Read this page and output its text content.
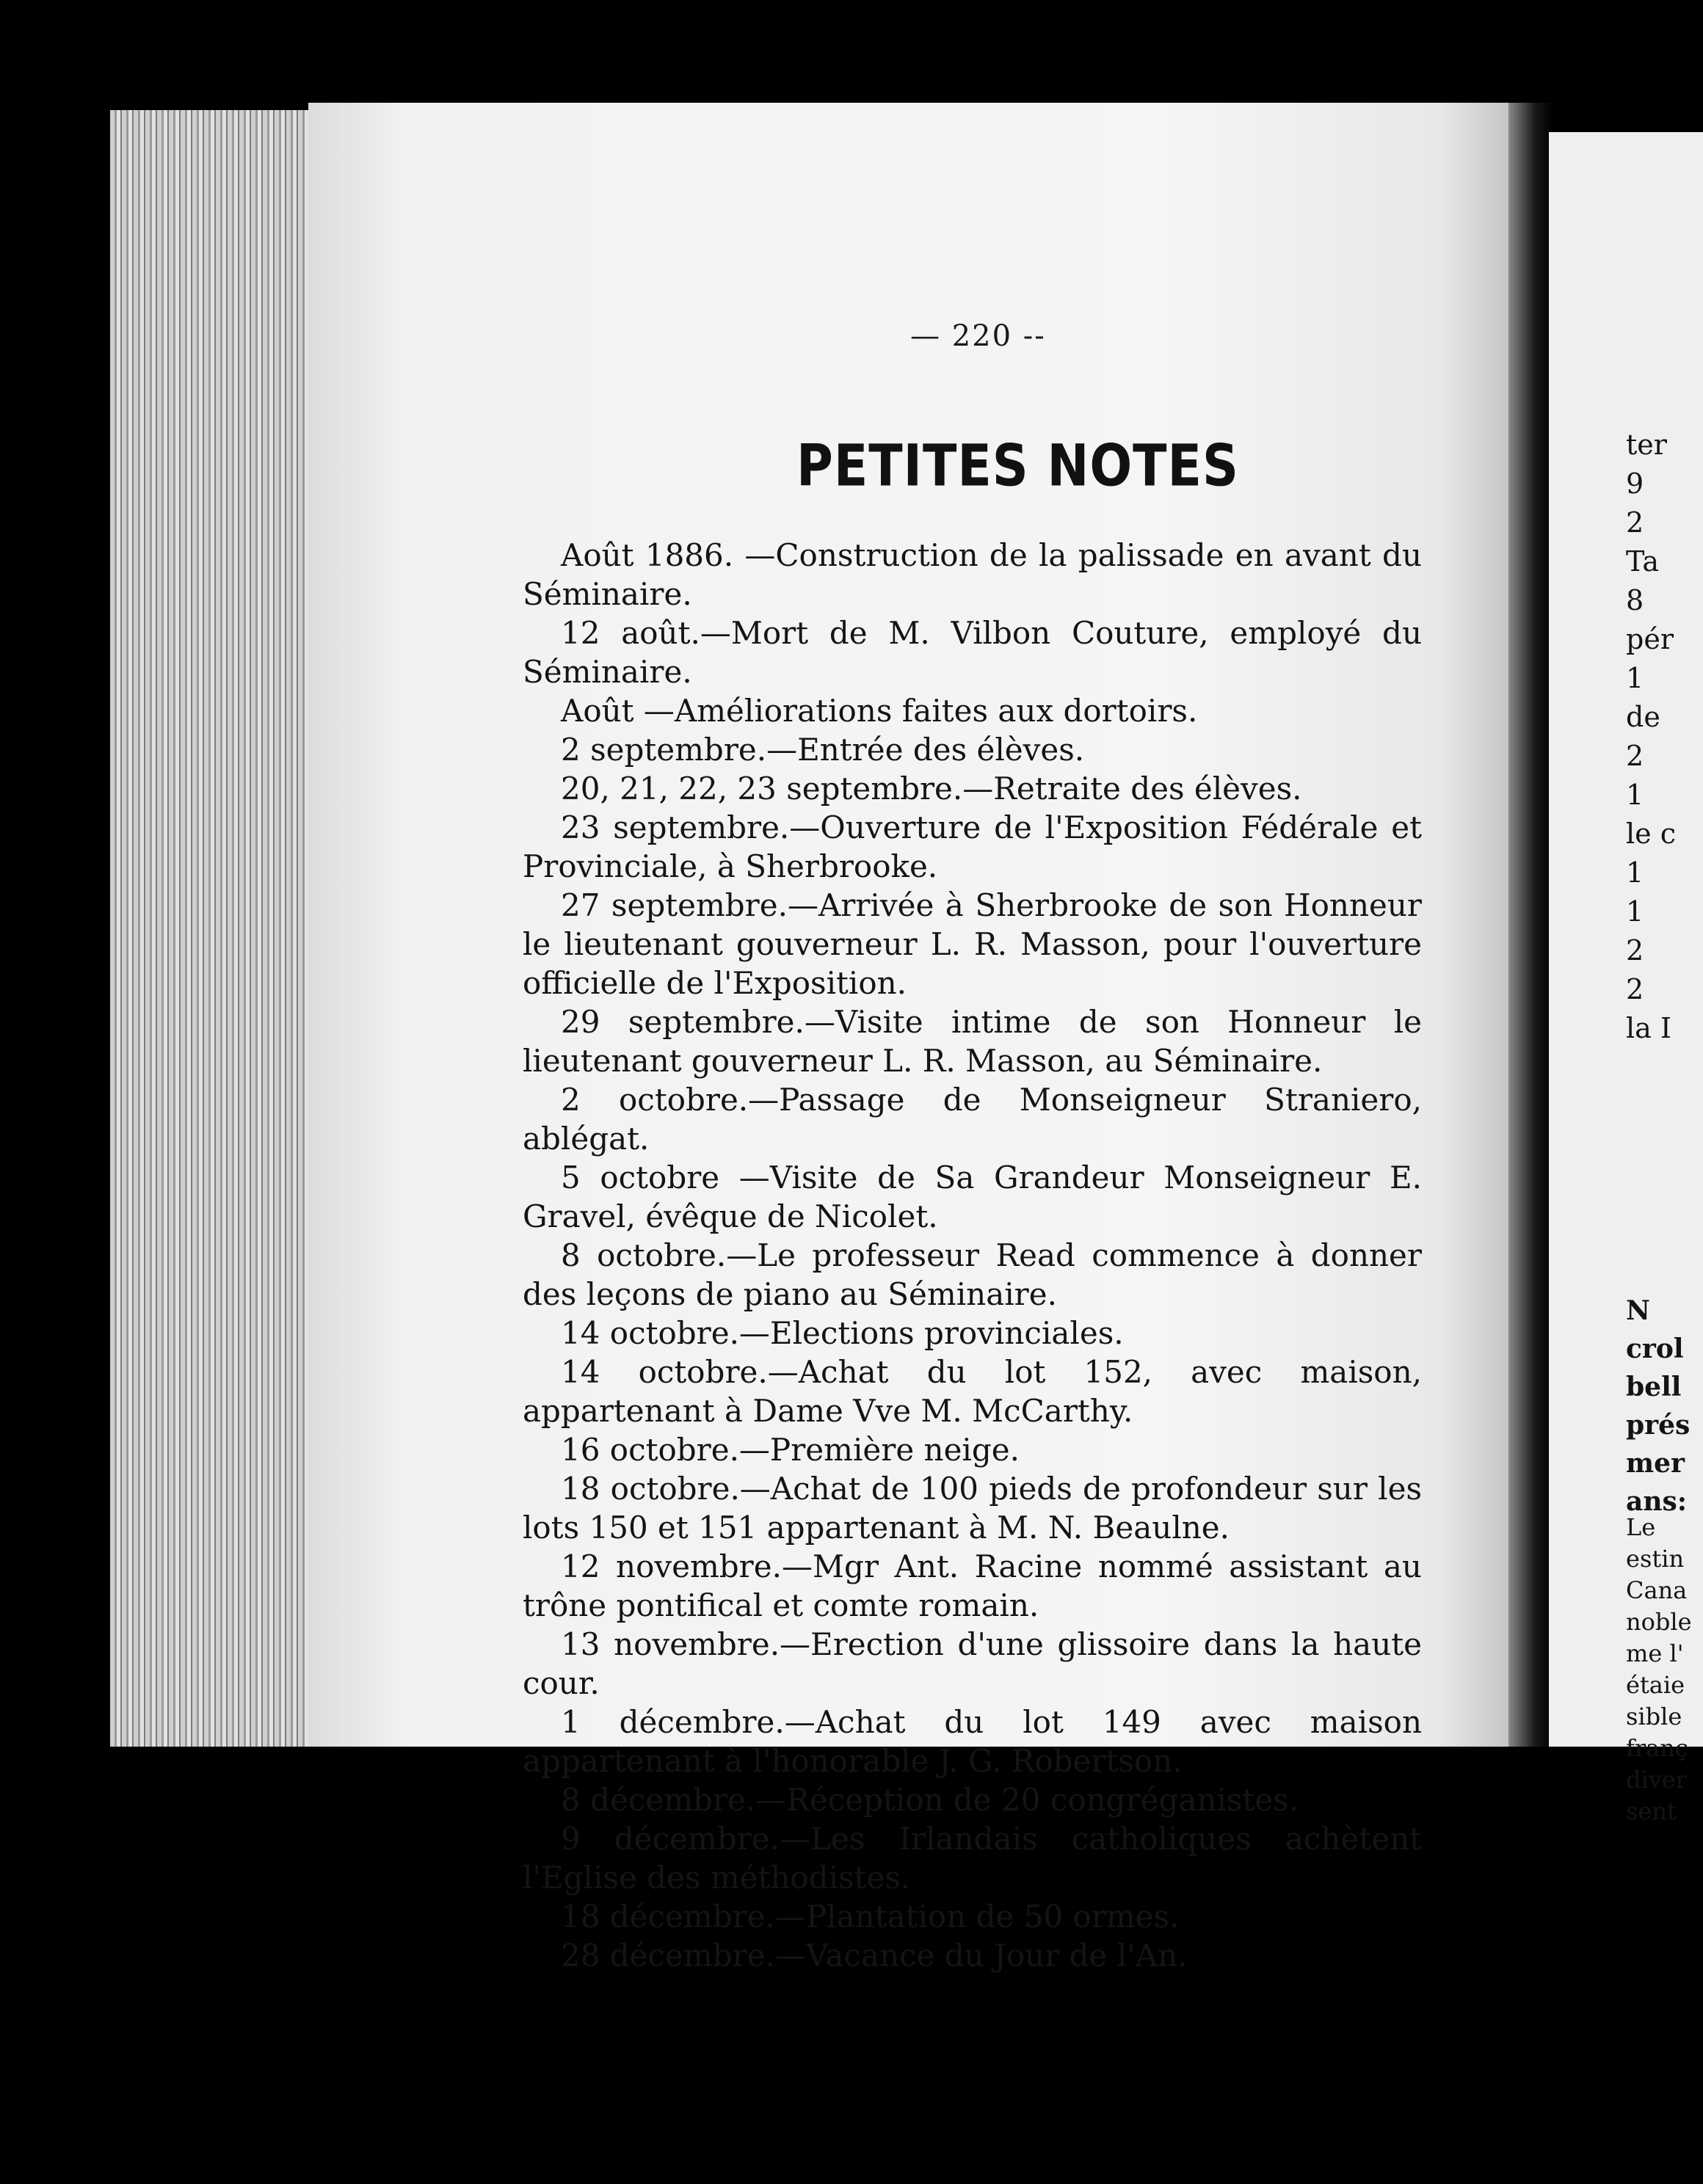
— 220 --
PETITES NOTES

Août 1886. —Construction de la palissade en avant du Séminaire.

12 août.—Mort de M. Vilbon Couture, employé du Séminaire.

Août —Améliorations faites aux dortoirs.

2 septembre.—Entrée des élèves.

20, 21, 22, 23 septembre.—Retraite des élèves.

23 septembre.—Ouverture de l'Exposition Fédérale et Provinciale, à Sherbrooke.

27 septembre.—Arrivée à Sherbrooke de son Honneur le lieutenant gouverneur L. R. Masson, pour l'ouverture officielle de l'Exposition.

29 septembre.—Visite intime de son Honneur le lieutenant gouverneur L. R. Masson, au Séminaire.

2 octobre.—Passage de Monseigneur Straniero, ablégat.

5 octobre —Visite de Sa Grandeur Monseigneur E. Gravel, évêque de Nicolet.

8 octobre.—Le professeur Read commence à donner des leçons de piano au Séminaire.

14 octobre.—Elections provinciales.

14 octobre.—Achat du lot 152, avec maison, appartenant à Dame Vve M. McCarthy.

16 octobre.—Première neige.

18 octobre.—Achat de 100 pieds de profondeur sur les lots 150 et 151 appartenant à M. N. Beaulne.

12 novembre.—Mgr Ant. Racine nommé assistant au trône pontifical et comte romain.

13 novembre.—Erection d'une glissoire dans la haute cour.

1 décembre.—Achat du lot 149 avec maison appartenant à l'honorable J. G. Robertson.

8 décembre.—Réception de 20 congréganistes.

9 décembre.—Les Irlandais catholiques achètent l'Eglise des méthodistes.

18 décembre.—Plantation de 50 ormes.

28 décembre.—Vacance du Jour de l'An.

ter
9
2
Ta
8
pér
1
de
2
1
le c
1
1
2
2
la I
N
crol
bell
prés
mer
ans:
Le
estin
Cana
noble
me l'
étaie
sible
franç
diver
sent
